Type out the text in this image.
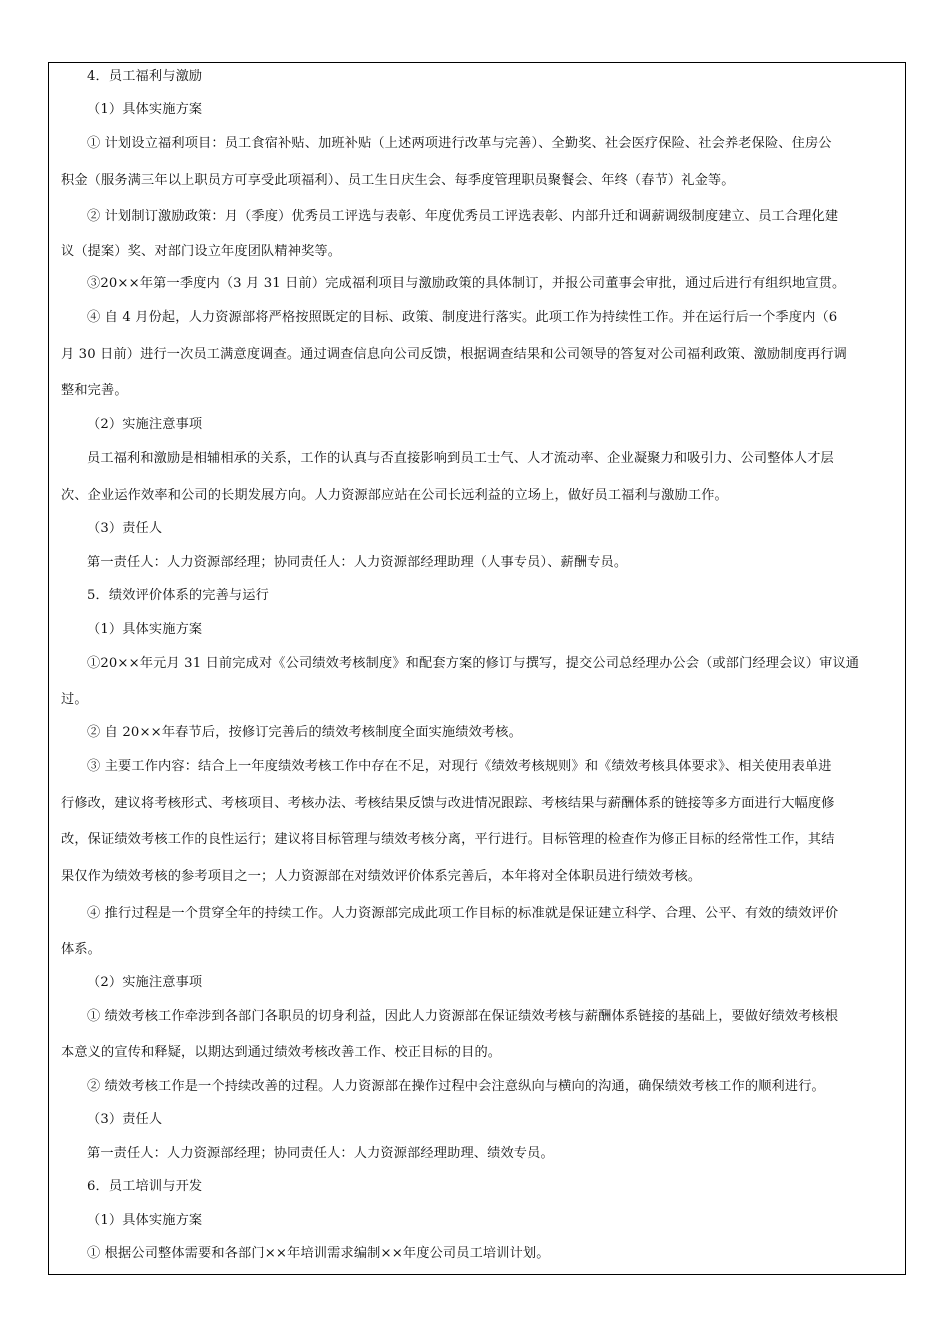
4．员工福利与激励
（1）具体实施方案
① 计划设立福利项目：员工食宿补贴、加班补贴（上述两项进行改革与完善）、全勤奖、社会医疗保险、社会养老保险、住房公
积金（服务满三年以上职员方可享受此项福利）、员工生日庆生会、每季度管理职员聚餐会、年终（春节）礼金等。
② 计划制订激励政策：月（季度）优秀员工评选与表彰、年度优秀员工评选表彰、内部升迁和调薪调级制度建立、员工合理化建
议（提案）奖、对部门设立年度团队精神奖等。
③20××年第一季度内（3 月 31 日前）完成福利项目与激励政策的具体制订，并报公司董事会审批，通过后进行有组织地宣贯。
④ 自 4 月份起，人力资源部将严格按照既定的目标、政策、制度进行落实。此项工作为持续性工作。并在运行后一个季度内（6
月 30 日前）进行一次员工满意度调查。通过调查信息向公司反馈，根据调查结果和公司领导的答复对公司福利政策、激励制度再行调
整和完善。
（2）实施注意事项
员工福利和激励是相辅相承的关系，工作的认真与否直接影响到员工士气、人才流动率、企业凝聚力和吸引力、公司整体人才层
次、企业运作效率和公司的长期发展方向。人力资源部应站在公司长远利益的立场上，做好员工福利与激励工作。
（3）责任人
第一责任人：人力资源部经理；协同责任人：人力资源部经理助理（人事专员）、薪酬专员。
5．绩效评价体系的完善与运行
（1）具体实施方案
①20××年元月 31 日前完成对《公司绩效考核制度》和配套方案的修订与撰写，提交公司总经理办公会（或部门经理会议）审议通
过。
② 自 20××年春节后，按修订完善后的绩效考核制度全面实施绩效考核。
③ 主要工作内容：结合上一年度绩效考核工作中存在不足，对现行《绩效考核规则》和《绩效考核具体要求》、相关使用表单进
行修改，建议将考核形式、考核项目、考核办法、考核结果反馈与改进情况跟踪、考核结果与薪酬体系的链接等多方面进行大幅度修
改，保证绩效考核工作的良性运行；建议将目标管理与绩效考核分离，平行进行。目标管理的检查作为修正目标的经常性工作，其结
果仅作为绩效考核的参考项目之一；人力资源部在对绩效评价体系完善后，本年将对全体职员进行绩效考核。
④ 推行过程是一个贯穿全年的持续工作。人力资源部完成此项工作目标的标准就是保证建立科学、合理、公平、有效的绩效评价
体系。
（2）实施注意事项
① 绩效考核工作牵涉到各部门各职员的切身利益，因此人力资源部在保证绩效考核与薪酬体系链接的基础上，要做好绩效考核根
本意义的宣传和释疑，以期达到通过绩效考核改善工作、校正目标的目的。
② 绩效考核工作是一个持续改善的过程。人力资源部在操作过程中会注意纵向与横向的沟通，确保绩效考核工作的顺利进行。
（3）责任人
第一责任人：人力资源部经理；协同责任人：人力资源部经理助理、绩效专员。
6．员工培训与开发
（1）具体实施方案
① 根据公司整体需要和各部门××年培训需求编制××年度公司员工培训计划。
